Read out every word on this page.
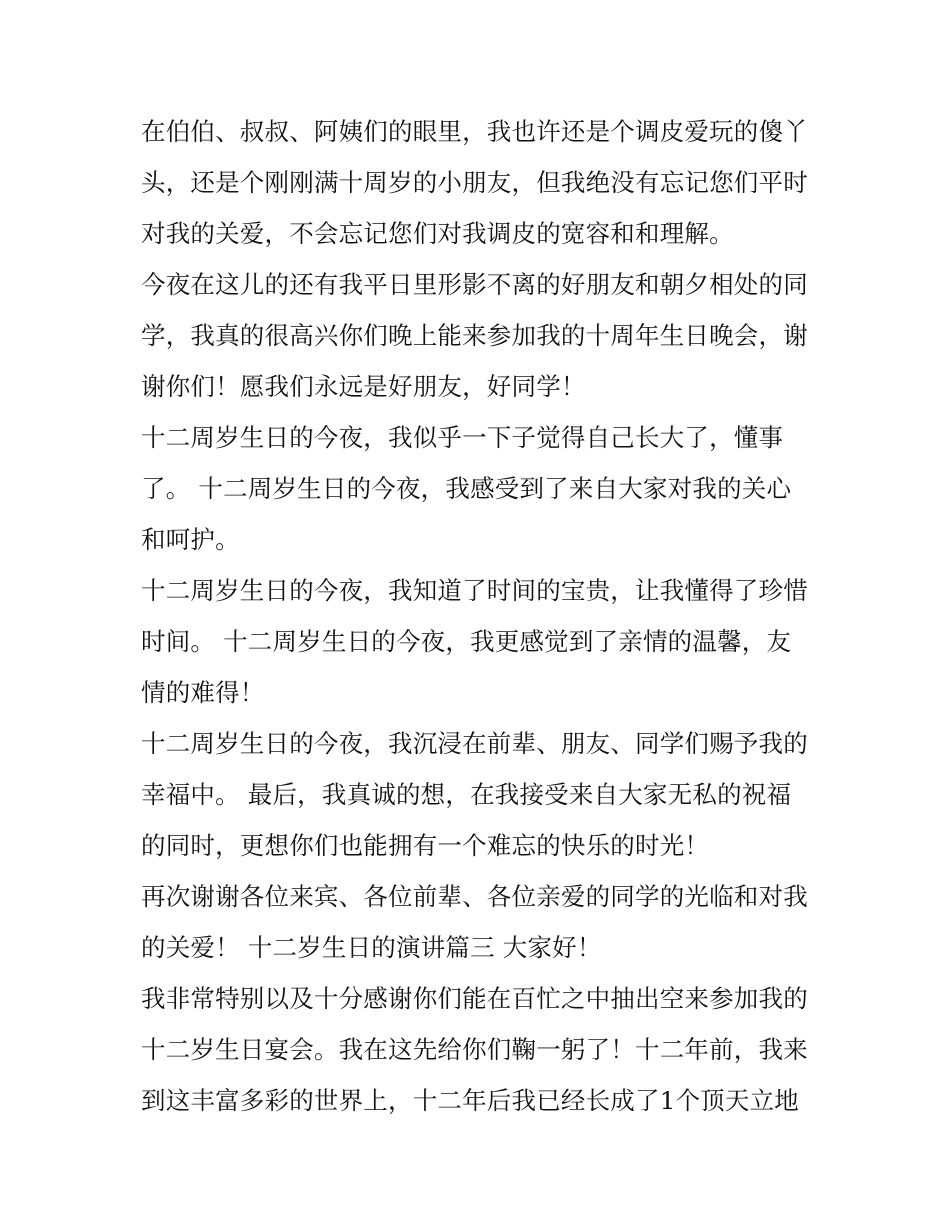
在伯伯、叔叔、阿姨们的眼里，我也许还是个调皮爱玩的傻丫
头，还是个刚刚满十周岁的小朋友，但我绝没有忘记您们平时
对我的关爱，不会忘记您们对我调皮的宽容和和理解。
今夜在这儿的还有我平日里形影不离的好朋友和朝夕相处的同
学，我真的很高兴你们晚上能来参加我的十周年生日晚会，谢
谢你们！愿我们永远是好朋友，好同学！
十二周岁生日的今夜，我似乎一下子觉得自己长大了，懂事
了。 十二周岁生日的今夜，我感受到了来自大家对我的关心
和呵护。
十二周岁生日的今夜，我知道了时间的宝贵，让我懂得了珍惜
时间。 十二周岁生日的今夜，我更感觉到了亲情的温馨，友
情的难得！
十二周岁生日的今夜，我沉浸在前辈、朋友、同学们赐予我的
幸福中。 最后，我真诚的想，在我接受来自大家无私的祝福
的同时，更想你们也能拥有一个难忘的快乐的时光！
再次谢谢各位来宾、各位前辈、各位亲爱的同学的光临和对我
的关爱！ 十二岁生日的演讲篇三 大家好！
我非常特别以及十分感谢你们能在百忙之中抽出空来参加我的
十二岁生日宴会。我在这先给你们鞠一躬了！十二年前，我来
到这丰富多彩的世界上，十二年后我已经长成了1个顶天立地
